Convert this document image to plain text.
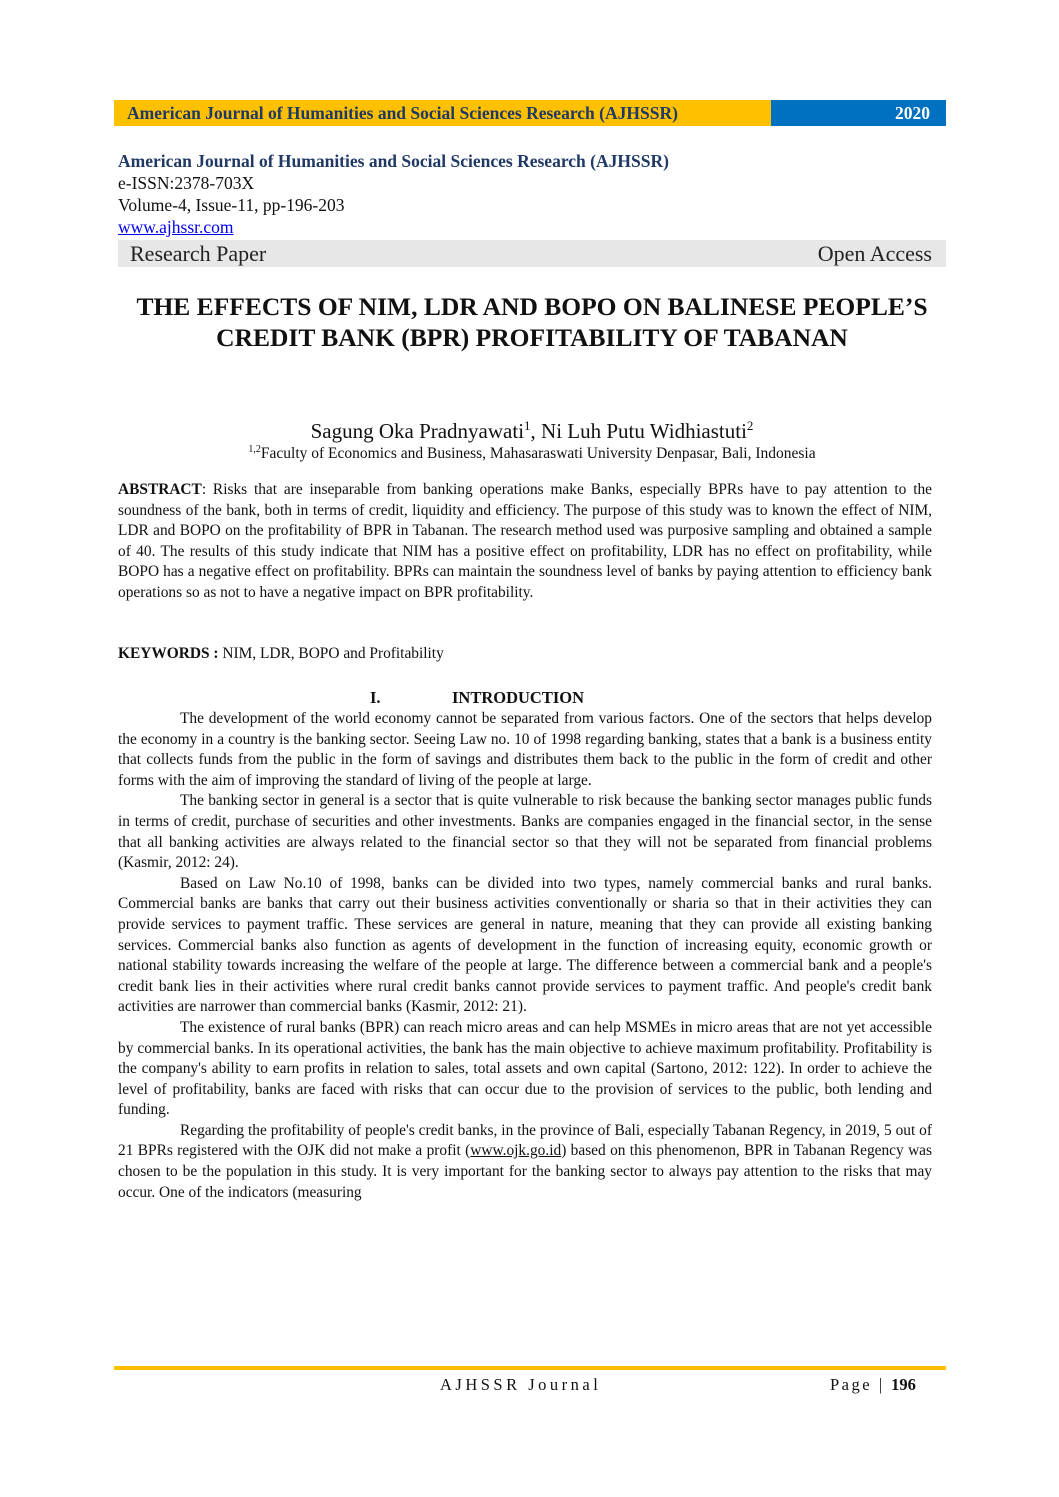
American Journal of Humanities and Social Sciences Research (AJHSSR)	2020
American Journal of Humanities and Social Sciences Research (AJHSSR)
e-ISSN:2378-703X
Volume-4, Issue-11, pp-196-203
www.ajhssr.com
Research Paper	Open Access
THE EFFECTS OF NIM, LDR AND BOPO ON BALINESE PEOPLE’S CREDIT BANK (BPR) PROFITABILITY OF TABANAN
Sagung Oka Pradnyawati$^1$, Ni Luh Putu Widhiastuti$^2$
$^{1,2}$Faculty of Economics and Business, Mahasaraswati University Denpasar, Bali, Indonesia
ABSTRACT: Risks that are inseparable from banking operations make Banks, especially BPRs have to pay attention to the soundness of the bank, both in terms of credit, liquidity and efficiency. The purpose of this study was to known the effect of NIM, LDR and BOPO on the profitability of BPR in Tabanan. The research method used was purposive sampling and obtained a sample of 40. The results of this study indicate that NIM has a positive effect on profitability, LDR has no effect on profitability, while BOPO has a negative effect on profitability. BPRs can maintain the soundness level of banks by paying attention to efficiency bank operations so as not to have a negative impact on BPR profitability.
KEYWORDS : NIM, LDR, BOPO and Profitability
I.	INTRODUCTION

The development of the world economy cannot be separated from various factors. One of the sectors that helps develop the economy in a country is the banking sector. Seeing Law no. 10 of 1998 regarding banking, states that a bank is a business entity that collects funds from the public in the form of savings and distributes them back to the public in the form of credit and other forms with the aim of improving the standard of living of the people at large.

The banking sector in general is a sector that is quite vulnerable to risk because the banking sector manages public funds in terms of credit, purchase of securities and other investments. Banks are companies engaged in the financial sector, in the sense that all banking activities are always related to the financial sector so that they will not be separated from financial problems (Kasmir, 2012: 24).

Based on Law No.10 of 1998, banks can be divided into two types, namely commercial banks and rural banks. Commercial banks are banks that carry out their business activities conventionally or sharia so that in their activities they can provide services to payment traffic. These services are general in nature, meaning that they can provide all existing banking services. Commercial banks also function as agents of development in the function of increasing equity, economic growth or national stability towards increasing the welfare of the people at large. The difference between a commercial bank and a people's credit bank lies in their activities where rural credit banks cannot provide services to payment traffic. And people's credit bank activities are narrower than commercial banks (Kasmir, 2012: 21).

The existence of rural banks (BPR) can reach micro areas and can help MSMEs in micro areas that are not yet accessible by commercial banks. In its operational activities, the bank has the main objective to achieve maximum profitability. Profitability is the company's ability to earn profits in relation to sales, total assets and own capital (Sartono, 2012: 122). In order to achieve the level of profitability, banks are faced with risks that can occur due to the provision of services to the public, both lending and funding.

Regarding the profitability of people's credit banks, in the province of Bali, especially Tabanan Regency, in 2019, 5 out of 21 BPRs registered with the OJK did not make a profit (www.ojk.go.id) based on this phenomenon, BPR in Tabanan Regency was chosen to be the population in this study. It is very important for the banking sector to always pay attention to the risks that may occur. One of the indicators (measuring

AJHSSR Journal	Page | 196
